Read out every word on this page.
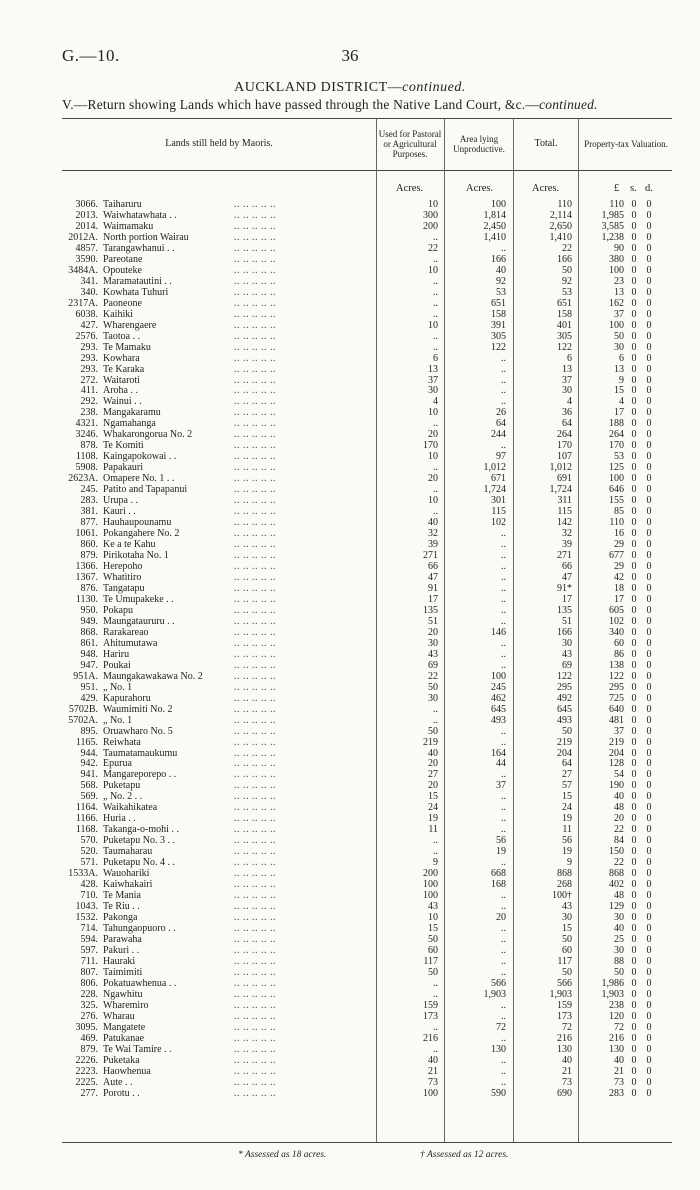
G.—10.	36
AUCKLAND DISTRICT—continued.
V.—Return showing Lands which have passed through the Native Land Court, &c.—continued.
Lands still held by Maoris.
Used for Pastoral or Agricultural Purposes.
Area lying Unproductive.	Total.	Property-tax Valuation.
Acres.	Acres.	Acres.	£ s. d.
3066. Taiharuru	.. .. .. .. ..	10	100	110	110 0	0
2013. Waiwhatawhata . .	.. .. .. .. ..	300	1,814	2,114	1,985 0	0
2014. Waimamaku	.. .. .. .. ..	200	2,450	2,650	3,585 0	0
2012A. North portion Wairau	.. .. .. .. ..	..	1,410	1,410	1,238 0	0
4857. Tarangawhanui . .	.. .. .. .. ..	22	..	22	90 0	0
3590. Pareotane	.. .. .. .. ..	..	166	166	380 0	0
3484A. Opouteke	.. .. .. .. ..	10	40	50	100 0	0
341. Maramatautini . .	.. .. .. .. ..	..	92	92	23 0	0
340. Kowhata Tuhuri	.. .. .. .. ..	..	53	53	13 0	0
2317A. Paoneone	.. .. .. .. ..	..	651	651	162 0	0
6038. Kaihiki	.. .. .. .. ..	..	158	158	37 0	0
427. Wharengaere	.. .. .. .. ..	10	391	401	100 0	0
2576. Taotoa . .	.. .. .. .. ..	..	305	305	50 0	0
293. Te Mamaku	.. .. .. .. ..	..	122	122	30 0	0
293. Kowhara	.. .. .. .. ..	6	..	6	6 0	0
293. Te Karaka	.. .. .. .. ..	13	..	13	13 0	0
272. Waitaroti	.. .. .. .. ..	37	..	37	9 0	0
411. Aroha . .	.. .. .. .. ..	30	..	30	15 0	0
292. Wainui . .	.. .. .. .. ..	4	..	4	4 0	0
238. Mangakaramu	.. .. .. .. ..	10	26	36	17 0	0
4321. Ngamahanga	.. .. .. .. ..	..	64	64	188 0	0
3246. Whakarongorua No. 2	.. .. .. .. ..	20	244	264	264 0	0
878. Te Komiti	.. .. .. .. ..	170	..	170	170 0	0
1108. Kaingapokowai . .	.. .. .. .. ..	10	97	107	53 0	0
5908. Papakauri	.. .. .. .. ..	..	1,012	1,012	125 0	0
2623A. Omapere No. 1 . .	.. .. .. .. ..	20	671	691	100 0	0
245. Patito and Tapapanui	.. .. .. .. ..	..	1,724	1,724	646 0	0
283. Urupa . .	.. .. .. .. ..	10	301	311	155 0	0
381. Kauri . .	.. .. .. .. ..	..	115	115	85 0	0
877. Hauhaupounamu	.. .. .. .. ..	40	102	142	110 0	0
1061. Pokangahere No. 2	.. .. .. .. ..	32	..	32	16 0	0
860. Ke a te Kahu	.. .. .. .. ..	39	..	39	29 0	0
879. Pirikotaha No. 1	.. .. .. .. ..	271	..	271	677 0	0
1366. Herepoho	.. .. .. .. ..	66	..	66	29 0	0
1367. Whatitiro	.. .. .. .. ..	47	..	47	42 0	0
876. Tangatapu	.. .. .. .. ..	91	..	91*	18 0	0
1130. Te Umupakeke . .	.. .. .. .. ..	17	..	17	17 0	0
950. Pokapu	.. .. .. .. ..	135	..	135	605 0	0
949. Maungataururu . .	.. .. .. .. ..	51	..	51	102 0	0
868. Rarakareao	.. .. .. .. ..	20	146	166	340 0	0
861. Ahitumutawa	.. .. .. .. ..	30	..	30	60 0	0
948. Hariru	.. .. .. .. ..	43	..	43	86 0	0
947. Poukai	.. .. .. .. ..	69	..	69	138 0	0
951A. Maungakawakawa No. 2	.. .. .. .. ..	22	100	122	122 0	0
951. „ No. 1	.. .. .. .. ..	50	245	295	295 0	0
429. Kapurahoru	.. .. .. .. ..	30	462	492	725 0	0
5702B. Waumimiti No. 2	.. .. .. .. ..	..	645	645	640 0	0
5702A. „ No. 1	.. .. .. .. ..	..	493	493	481 0	0
895. Oruawharo No. 5	.. .. .. .. ..	50	..	50	37 0	0
1165. Reiwhata	.. .. .. .. ..	219	..	219	219 0	0
944. Taumatamaukumu	.. .. .. .. ..	40	164	204	204 0	0
942. Epurua	.. .. .. .. ..	20	44	64	128 0	0
941. Mangareporepo . .	.. .. .. .. ..	27	..	27	54 0	0
568. Puketapu	.. .. .. .. ..	20	37	57	190 0	0
569. „ No. 2 . .	.. .. .. .. ..	15	..	15	40 0	0
1164. Waikahikatea	.. .. .. .. ..	24	..	24	48 0	0
1166. Huria . .	.. .. .. .. ..	19	..	19	20 0	0
1168. Takanga-o-mohi . .	.. .. .. .. ..	11	..	11	22 0	0
570. Puketapu No. 3 . .	.. .. .. .. ..	..	56	56	84 0	0
520. Taumaharau	.. .. .. .. ..	..	19	19	150 0	0
571. Puketapu No. 4 . .	.. .. .. .. ..	9	..	9	22 0	0
1533A. Wauoharikí	.. .. .. .. ..	200	668	868	868 0	0
428. Kaiwhakairi	.. .. .. .. ..	100	168	268	402 0	0
710. Te Mania	.. .. .. .. ..	100	..	100†	48 0	0
1043. Te Riu . .	.. .. .. .. ..	43	..	43	129 0	0
1532. Pakonga	.. .. .. .. ..	10	20	30	30 0	0
714. Tahungaopuoro . .	.. .. .. .. ..	15	..	15	40 0	0
594. Parawaha	.. .. .. .. ..	50	..	50	25 0	0
597. Pakuri . .	.. .. .. .. ..	60	..	60	30 0	0
711. Hauraki	.. .. .. .. ..	117	..	117	88 0	0
807. Taimimiti	.. .. .. .. ..	50	..	50	50 0	0
806. Pokatuawhenua . .	.. .. .. .. ..	..	566	566	1,986 0	0
228. Ngawhitu	.. .. .. .. ..	..	1,903	1,903	1,903 0	0
325. Wharemiro	.. .. .. .. ..	159	..	159	238 0	0
276. Wharau	.. .. .. .. ..	173	..	173	120 0	0
3095. Mangatete	.. .. .. .. ..	..	72	72	72 0	0
469. Patukanae	.. .. .. .. ..	216	..	216	216 0	0
879. Te Wai Tamire . .	.. .. .. .. ..	..	130	130	130 0	0
2226. Puketaka	.. .. .. .. ..	40	..	40	40 0	0
2223. Haowhenua	.. .. .. .. ..	21	..	21	21 0	0
2225. Aute . .	.. .. .. .. ..	73	..	73	73 0	0
277. Porotu . .	.. .. .. .. ..	100	590	690	283 0	0
* Assessed as 18 acres.	† Assessed as 12 acres.
